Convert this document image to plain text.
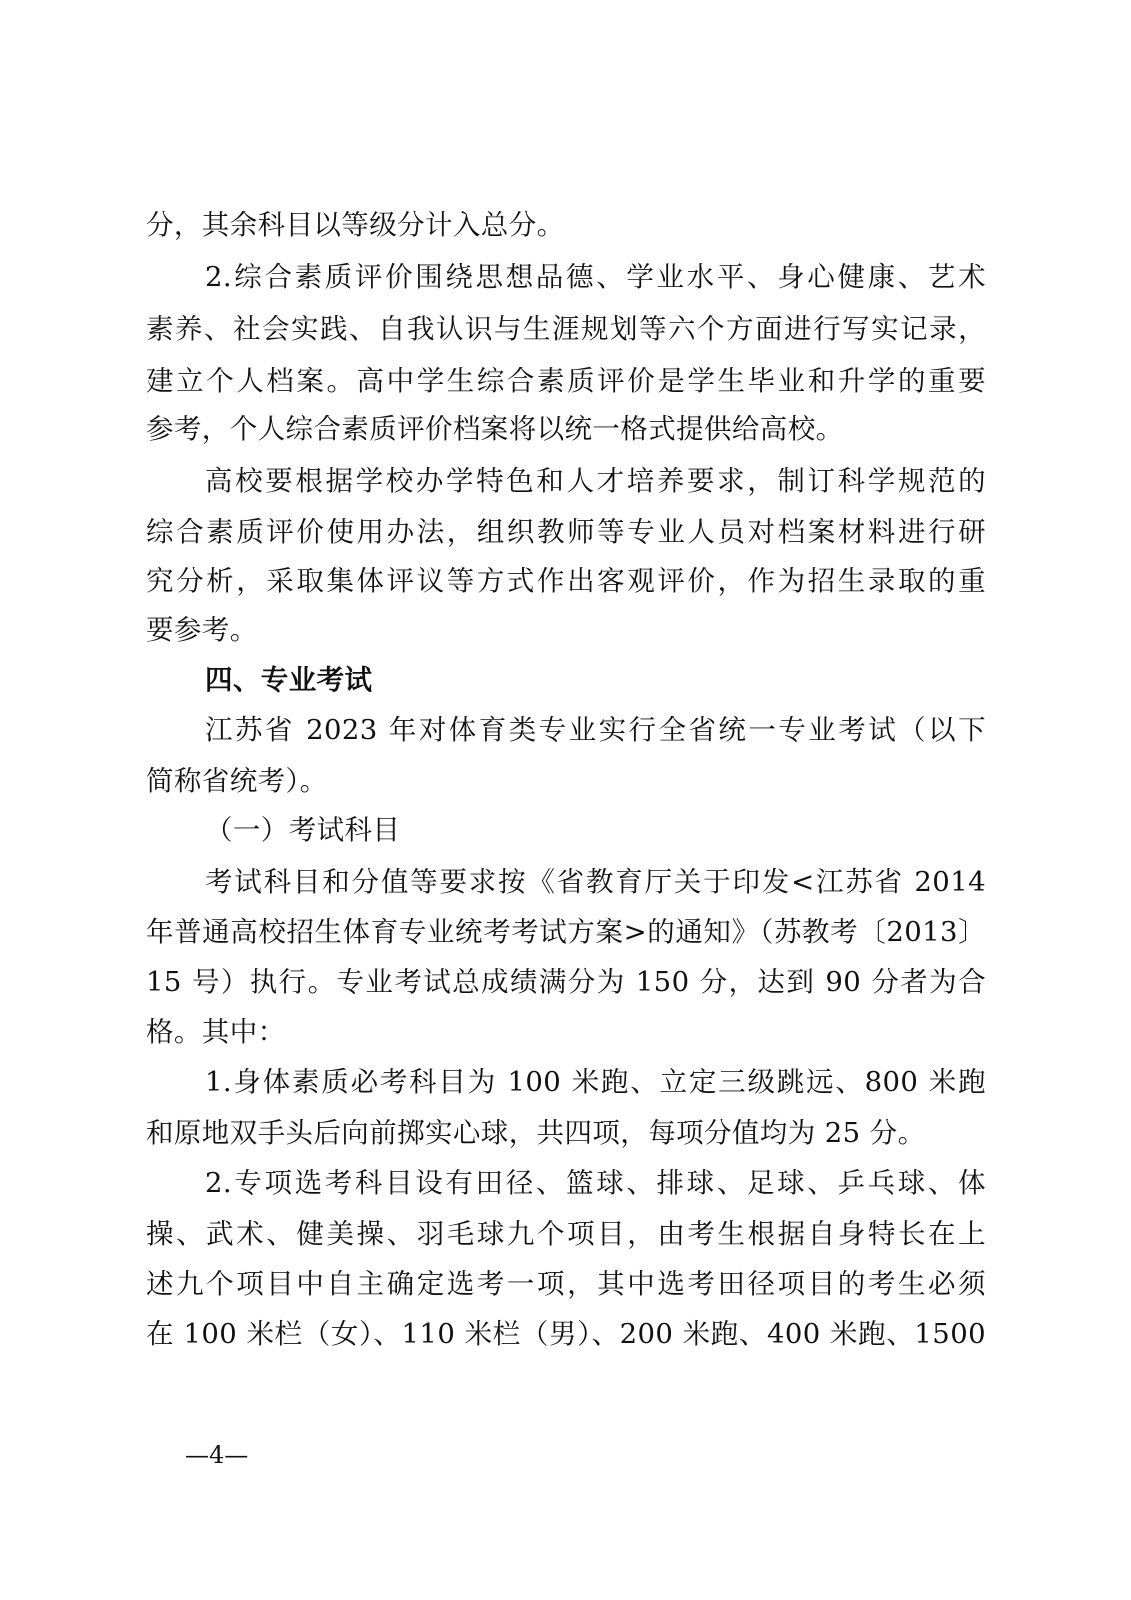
分，其余科目以等级分计入总分。
2.综合素质评价围绕思想品德、学业水平、身心健康、艺术
素养、社会实践、自我认识与生涯规划等六个方面进行写实记录，
建立个人档案。高中学生综合素质评价是学生毕业和升学的重要
参考，个人综合素质评价档案将以统一格式提供给高校。
高校要根据学校办学特色和人才培养要求，制订科学规范的
综合素质评价使用办法，组织教师等专业人员对档案材料进行研
究分析，采取集体评议等方式作出客观评价，作为招生录取的重
要参考。
四、专业考试
江苏省 2023 年对体育类专业实行全省统一专业考试（以下
简称省统考）。
（一）考试科目
考试科目和分值等要求按《省教育厅关于印发<江苏省 2014
年普通高校招生体育专业统考考试方案>的通知》（苏教考〔2013〕
15 号）执行。专业考试总成绩满分为 150 分，达到 90 分者为合
格。其中：
1.身体素质必考科目为 100 米跑、立定三级跳远、800 米跑
和原地双手头后向前掷实心球，共四项，每项分值均为 25 分。
2.专项选考科目设有田径、篮球、排球、足球、乒乓球、体
操、武术、健美操、羽毛球九个项目，由考生根据自身特长在上
述九个项目中自主确定选考一项，其中选考田径项目的考生必须
在 100 米栏（女）、110 米栏（男）、200 米跑、400 米跑、1500
—4—
